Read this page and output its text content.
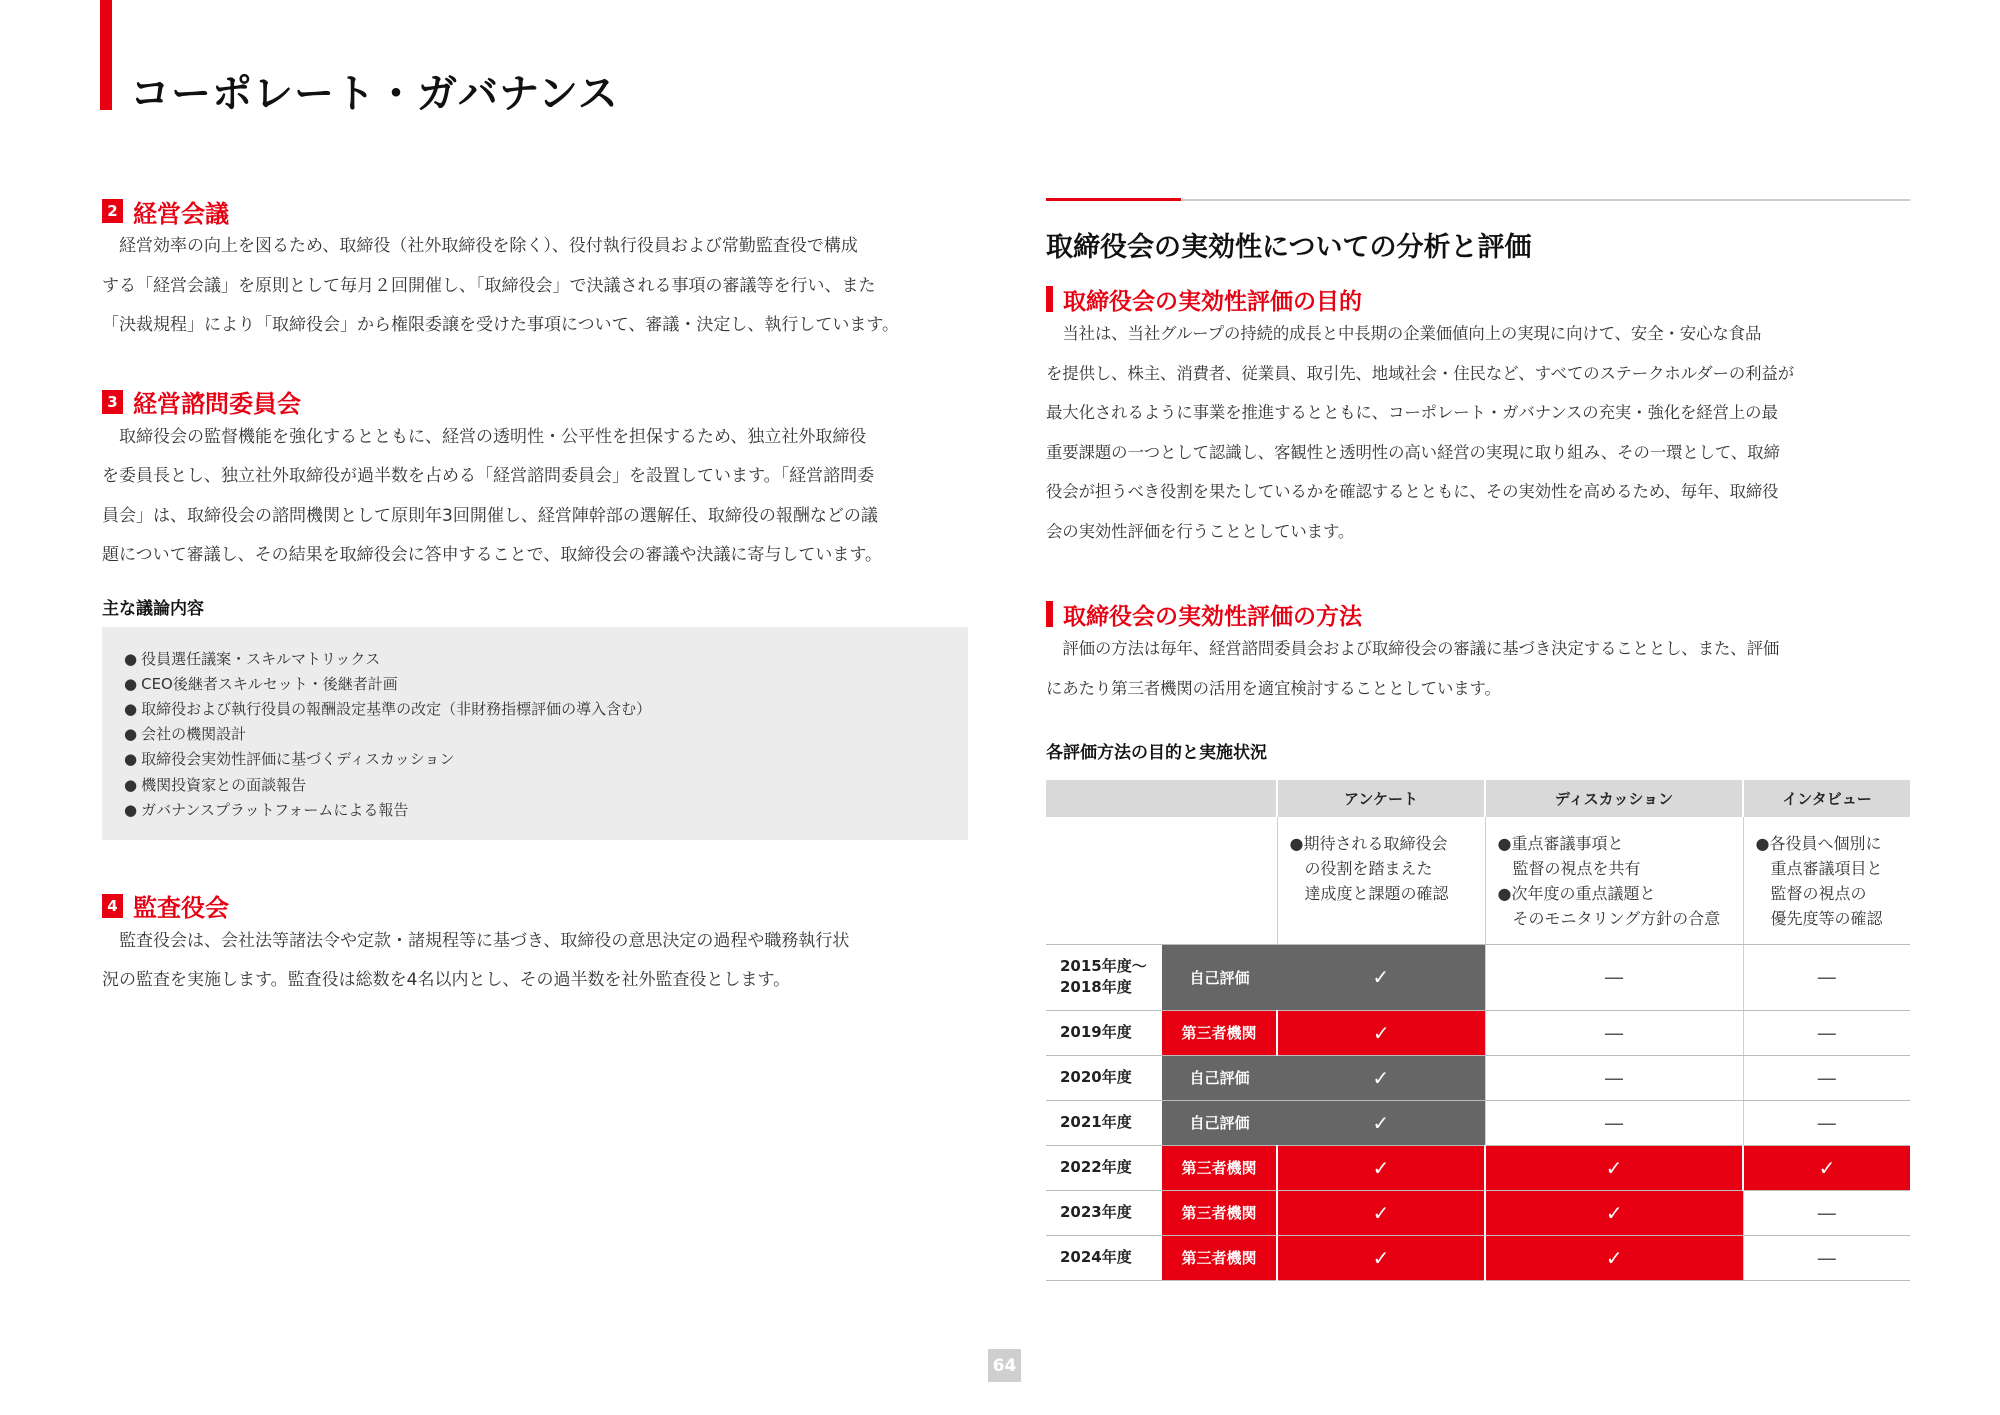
コーポレート・ガバナンス
2 経営会議
経営効率の向上を図るため、取締役（社外取締役を除く）、役付執行役員および常勤監査役で構成
する「経営会議」を原則として毎月２回開催し、「取締役会」で決議される事項の審議等を行い、また
「決裁規程」により「取締役会」から権限委譲を受けた事項について、審議・決定し、執行しています。
3 経営諮問委員会
取締役会の監督機能を強化するとともに、経営の透明性・公平性を担保するため、独立社外取締役
を委員長とし、独立社外取締役が過半数を占める「経営諮問委員会」を設置しています。「経営諮問委
員会」は、取締役会の諮問機関として原則年3回開催し、経営陣幹部の選解任、取締役の報酬などの議
題について審議し、その結果を取締役会に答申することで、取締役会の審議や決議に寄与しています。
主な議論内容
● 役員選任議案・スキルマトリックス
● CEO後継者スキルセット・後継者計画
● 取締役および執行役員の報酬設定基準の改定（非財務指標評価の導入含む）
● 会社の機関設計
● 取締役会実効性評価に基づくディスカッション
● 機関投資家との面談報告
● ガバナンスプラットフォームによる報告
4 監査役会
監査役会は、会社法等諸法令や定款・諸規程等に基づき、取締役の意思決定の過程や職務執行状
況の監査を実施します。監査役は総数を4名以内とし、その過半数を社外監査役とします。
取締役会の実効性についての分析と評価
取締役会の実効性評価の目的
当社は、当社グループの持続的成長と中長期の企業価値向上の実現に向けて、安全・安心な食品
を提供し、株主、消費者、従業員、取引先、地域社会・住民など、すべてのステークホルダーの利益が
最大化されるように事業を推進するとともに、コーポレート・ガバナンスの充実・強化を経営上の最
重要課題の一つとして認識し、客観性と透明性の高い経営の実現に取り組み、その一環として、取締
役会が担うべき役割を果たしているかを確認するとともに、その実効性を高めるため、毎年、取締役
会の実効性評価を行うこととしています。
取締役会の実効性評価の方法
評価の方法は毎年、経営諮問委員会および取締役会の審議に基づき決定することとし、また、評価
にあたり第三者機関の活用を適宜検討することとしています。
各評価方法の目的と実施状況
		アンケート	ディスカッション	インタビュー

		●期待される取締役会
の役割を踏まえた
達成度と課題の確認	●重点審議事項と
監督の視点を共有
●次年度の重点議題と
そのモニタリング方針の合意	●各役員へ個別に
重点審議項目と
監督の視点の
優先度等の確認

2015年度〜
2018年度	自己評価	✓	—	—
2019年度	第三者機関	✓	—	—
2020年度	自己評価	✓	—	—
2021年度	自己評価	✓	—	—
2022年度	第三者機関	✓	✓	✓
2023年度	第三者機関	✓	✓	—
2024年度	第三者機関	✓	✓	—
64
